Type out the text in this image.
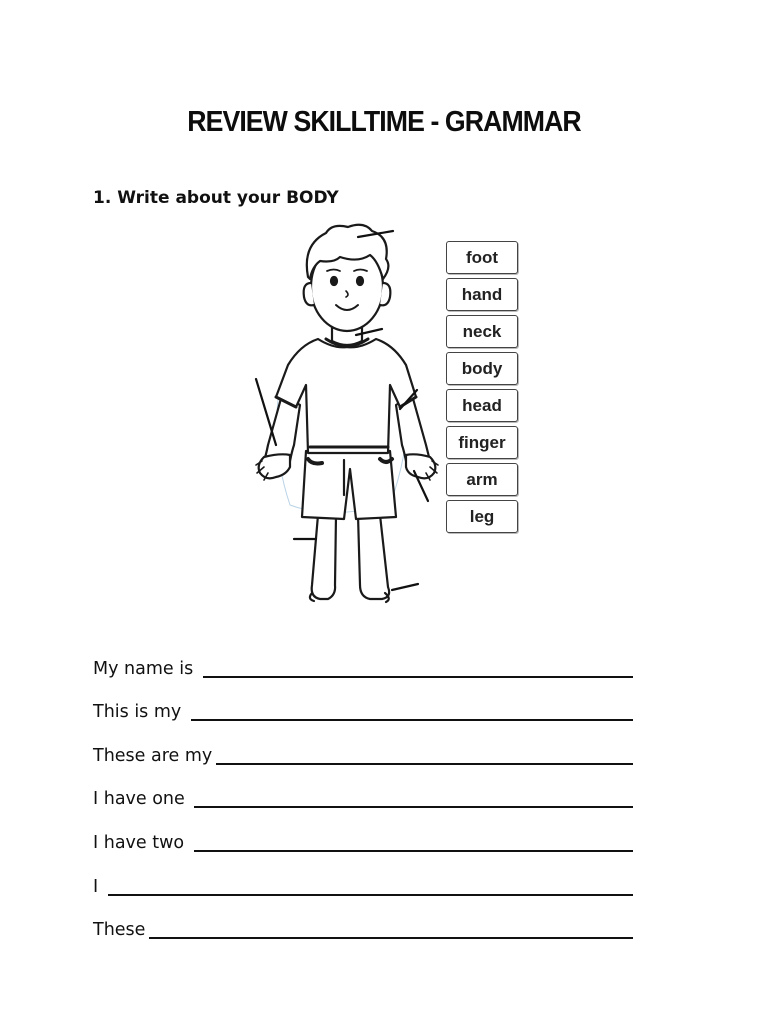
REVIEW SKILLTIME - GRAMMAR
1. Write about your BODY
foot
hand
neck
body
head
finger
arm
leg
My name is
This is my
These are my
I have one
I have two
I
These
